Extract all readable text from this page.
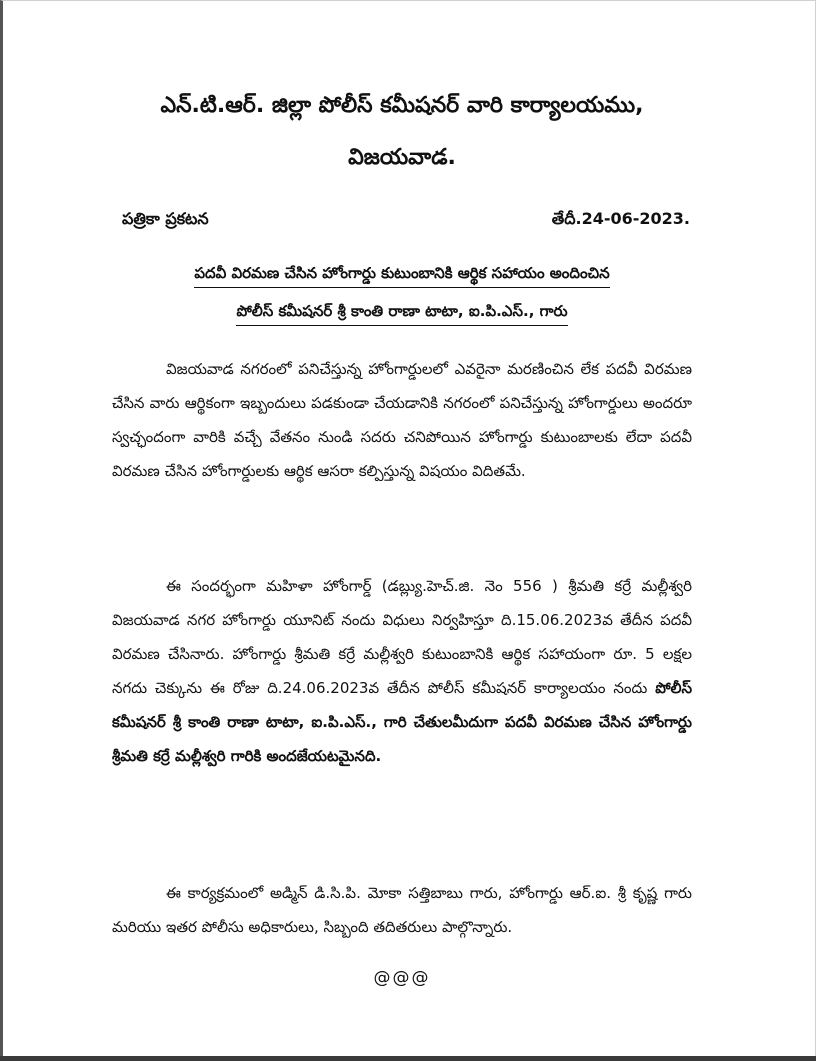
ఎన్.టి.ఆర్. జిల్లా పోలీస్ కమీషనర్ వారి కార్యాలయము,
విజయవాడ.
పత్రికా ప్రకటన	తేదీ.24-06-2023.
పదవీ విరమణ చేసిన హోంగార్డు కుటుంబానికి ఆర్థిక సహాయం అందించిన
పోలీస్ కమీషనర్ శ్రీ కాంతి రాణా టాటా, ఐ.పి.ఎస్., గారు
విజయవాడ నగరంలో పనిచేస్తున్న హోంగార్డులలో ఎవరైనా మరణించిన లేక పదవీ విరమణ చేసిన వారు ఆర్థికంగా ఇబ్బందులు పడకుండా చేయడానికి నగరంలో పనిచేస్తున్న హోంగార్డులు అందరూ స్వచ్ఛందంగా వారికి వచ్చే వేతనం నుండి సదరు చనిపోయిన హోంగార్డు కుటుంబాలకు లేదా పదవీ విరమణ చేసిన హోంగార్డులకు ఆర్థిక ఆసరా కల్పిస్తున్న విషయం విదితమే.
ఈ సందర్భంగా మహిళా హోంగార్డ్ (డబ్ల్యు.హెచ్.జి. నెం 556 ) శ్రీమతి కర్రే మల్లీశ్వరి విజయవాడ నగర హోంగార్డు యూనిట్ నందు విధులు నిర్వహిస్తూ ది.15.06.2023వ తేదీన పదవీ విరమణ చేసినారు. హోంగార్డు శ్రీమతి కర్రే మల్లీశ్వరి కుటుంబానికి ఆర్థిక సహాయంగా రూ. 5 లక్షల నగదు చెక్కును ఈ రోజు ది.24.06.2023వ తేదీన పోలీస్ కమీషనర్ కార్యాలయం నందు పోలీస్ కమీషనర్ శ్రీ కాంతి రాణా టాటా, ఐ.పి.ఎస్., గారి చేతులమీదుగా పదవీ విరమణ చేసిన హోంగార్డు శ్రీమతి కర్రే మల్లీశ్వరి గారికి అందజేయటమైనది.
ఈ కార్యక్రమంలో అడ్మిన్ డి.సి.పి. మోకా సత్తిబాబు గారు, హోంగార్డు ఆర్.ఐ. శ్రీ కృష్ణ గారు మరియు ఇతర పోలీసు అధికారులు, సిబ్బంది తదితరులు పాల్గొన్నారు.
@@@
